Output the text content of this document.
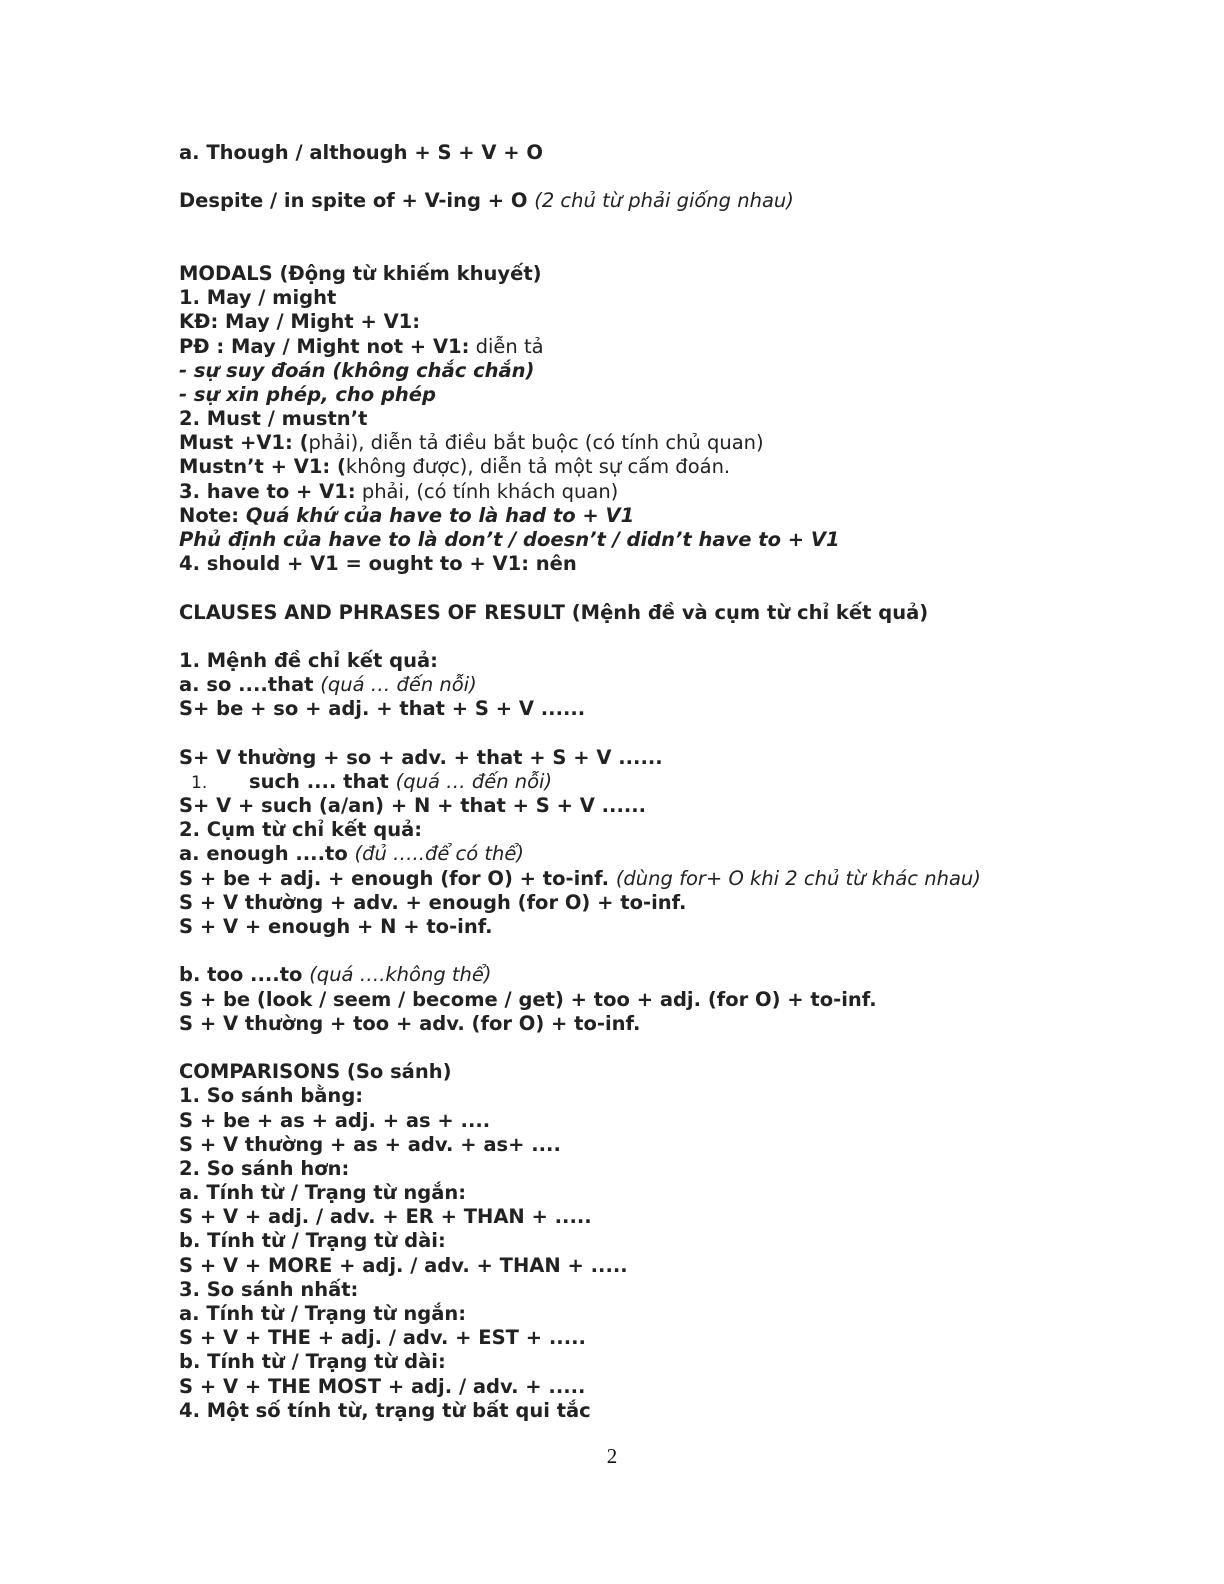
a. Though / although + S + V + O
Despite / in spite of + V-ing + O (2 chủ từ phải giống nhau)
MODALS (Động từ khiếm khuyết)
1. May / might
KĐ: May / Might + V1:
PĐ : May / Might not + V1: diễn tả
- sự suy đoán (không chắc chắn)
- sự xin phép, cho phép
2. Must / mustn’t
Must +V1: (phải), diễn tả điều bắt buộc (có tính chủ quan)
Mustn’t + V1: (không được), diễn tả một sự cấm đoán.
3. have to + V1: phải, (có tính khách quan)
Note: Quá khứ của have to là had to + V1
Phủ định của have to là don’t / doesn’t / didn’t have to + V1
4. should + V1 = ought to + V1: nên
CLAUSES AND PHRASES OF RESULT (Mệnh đề và cụm từ chỉ kết quả)
1. Mệnh đề chỉ kết quả:
a. so ....that (quá … đến nỗi)
S+ be + so + adj. + that + S + V ......
S+ V thường + so + adv. + that + S + V ......
1. such .... that (quá … đến nỗi)
S+ V + such (a/an) + N + that + S + V ......
2. Cụm từ chỉ kết quả:
a. enough ....to (đủ …..để có thể)
S + be + adj. + enough (for O) + to-inf. (dùng for+ O khi 2 chủ từ khác nhau)
S + V thường + adv. + enough (for O) + to-inf.
S + V + enough + N + to-inf.
b. too ....to (quá ….không thể)
S + be (look / seem / become / get) + too + adj. (for O) + to-inf.
S + V thường + too + adv. (for O) + to-inf.
COMPARISONS (So sánh)
1. So sánh bằng:
S + be + as + adj. + as + ....
S + V thường + as + adv. + as+ ....
2. So sánh hơn:
a. Tính từ / Trạng từ ngắn:
S + V + adj. / adv. + ER + THAN + .....
b. Tính từ / Trạng từ dài:
S + V + MORE + adj. / adv. + THAN + .....
3. So sánh nhất:
a. Tính từ / Trạng từ ngắn:
S + V + THE + adj. / adv. + EST + .....
b. Tính từ / Trạng từ dài:
S + V + THE MOST + adj. / adv. + .....
4. Một số tính từ, trạng từ bất qui tắc
2
